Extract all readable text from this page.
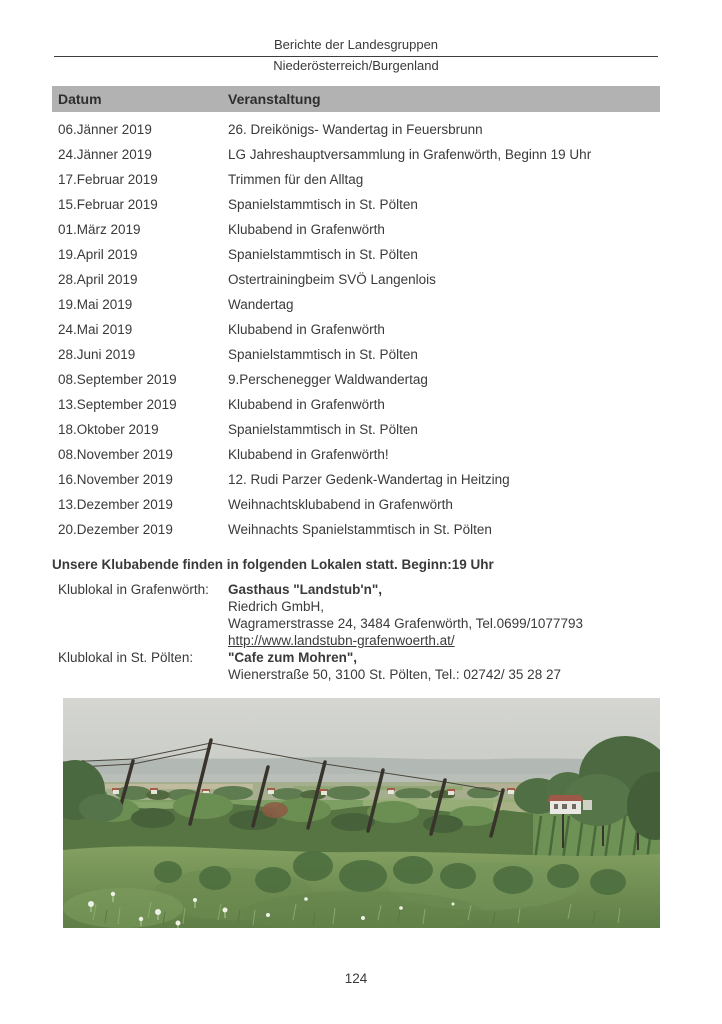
Berichte der Landesgruppen
Niederösterreich/Burgenland
Datum	Veranstaltung
06.Jänner 2019	26. Dreikönigs- Wandertag in Feuersbrunn
24.Jänner 2019	LG Jahreshauptversammlung in Grafenwörth, Beginn 19 Uhr
17.Februar 2019	Trimmen für den Alltag
15.Februar 2019	Spanielstammtisch in St. Pölten
01.März 2019	Klubabend in Grafenwörth
19.April 2019	Spanielstammtisch in St. Pölten
28.April 2019	Ostertrainingbeim SVÖ Langenlois
19.Mai 2019	Wandertag
24.Mai 2019	Klubabend in Grafenwörth
28.Juni 2019	Spanielstammtisch in St. Pölten
08.September 2019	9.Perschenegger Waldwandertag
13.September 2019	Klubabend in Grafenwörth
18.Oktober 2019	Spanielstammtisch in St. Pölten
08.November 2019	Klubabend in Grafenwörth!
16.November 2019	12. Rudi Parzer Gedenk-Wandertag in Heitzing
13.Dezember 2019	Weihnachtsklubabend in Grafenwörth
20.Dezember 2019	Weihnachts Spanielstammtisch in St. Pölten

Unsere Klubabende finden in folgenden Lokalen statt. Beginn:19 Uhr

Klublokal in Grafenwörth:	Gasthaus "Landstub'n",
Riedrich GmbH,
Wagramerstrasse 24, 3484 Grafenwörth, Tel.0699/1077793
http://www.landstubn-grafenwoerth.at/
Klublokal in St. Pölten:	"Cafe zum Mohren",
Wienerstraße 50, 3100 St. Pölten, Tel.: 02742/ 35 28 27
124
